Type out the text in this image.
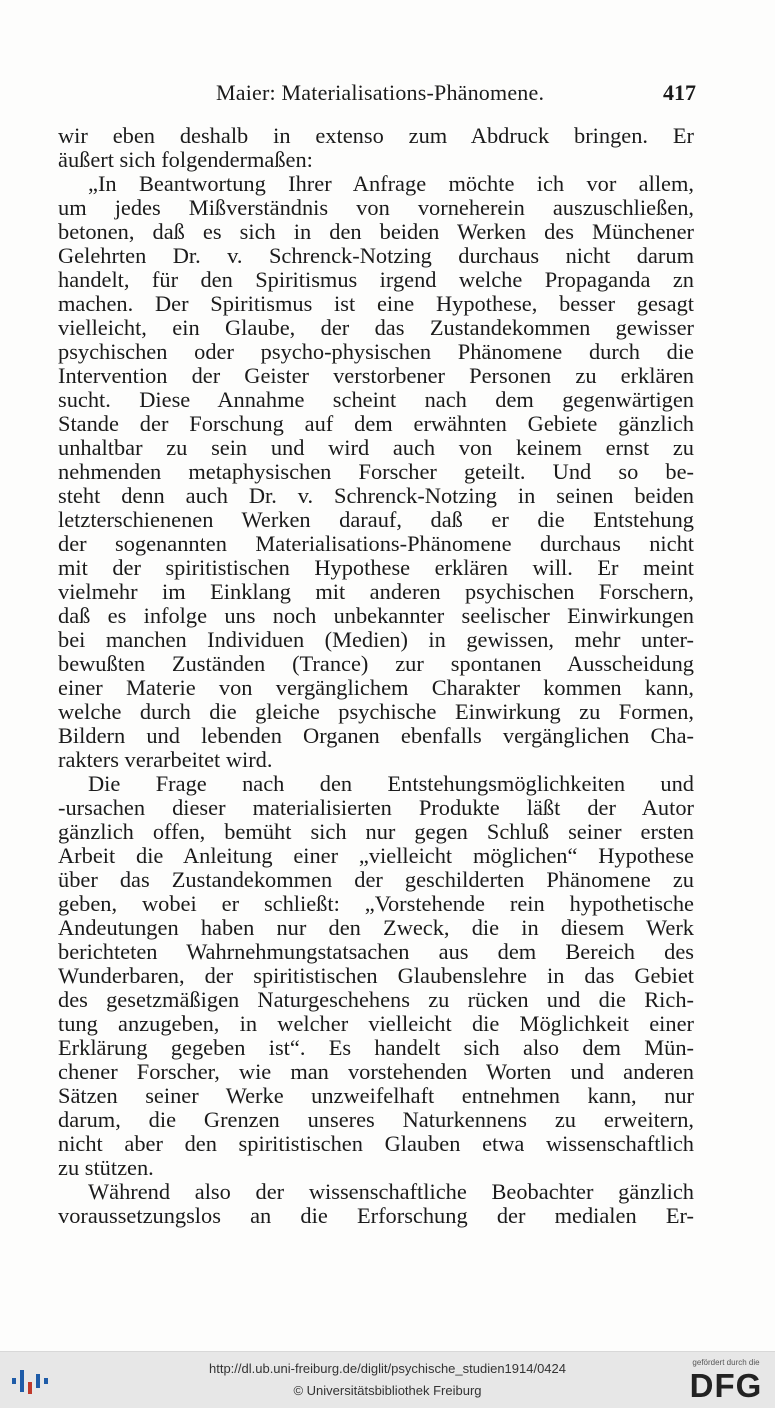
Maier: Materialisations-Phänomene.	417
wir eben deshalb in extenso zum Abdruck bringen. Er
äußert sich folgendermaßen:
„In Beantwortung Ihrer Anfrage möchte ich vor allem,
um jedes Mißverständnis von vorneherein auszuschließen,
betonen, daß es sich in den beiden Werken des Münchener
Gelehrten Dr. v. Schrenck-Notzing durchaus nicht darum
handelt, für den Spiritismus irgend welche Propaganda zn
machen. Der Spiritismus ist eine Hypothese, besser gesagt
vielleicht, ein Glaube, der das Zustandekommen gewisser
psychischen oder psycho-physischen Phänomene durch die
Intervention der Geister verstorbener Personen zu erklären
sucht. Diese Annahme scheint nach dem gegenwärtigen
Stande der Forschung auf dem erwähnten Gebiete gänzlich
unhaltbar zu sein und wird auch von keinem ernst zu
nehmenden metaphysischen Forscher geteilt. Und so be-
steht denn auch Dr. v. Schrenck-Notzing in seinen beiden
letzterschienenen Werken darauf, daß er die Entstehung
der sogenannten Materialisations-Phänomene durchaus nicht
mit der spiritistischen Hypothese erklären will. Er meint
vielmehr im Einklang mit anderen psychischen Forschern,
daß es infolge uns noch unbekannter seelischer Einwirkungen
bei manchen Individuen (Medien) in gewissen, mehr unter-
bewußten Zuständen (Trance) zur spontanen Ausscheidung
einer Materie von vergänglichem Charakter kommen kann,
welche durch die gleiche psychische Einwirkung zu Formen,
Bildern und lebenden Organen ebenfalls vergänglichen Cha-
rakters verarbeitet wird.
Die Frage nach den Entstehungsmöglichkeiten und
-ursachen dieser materialisierten Produkte läßt der Autor
gänzlich offen, bemüht sich nur gegen Schluß seiner ersten
Arbeit die Anleitung einer „vielleicht möglichen“ Hypothese
über das Zustandekommen der geschilderten Phänomene zu
geben, wobei er schließt: „Vorstehende rein hypothetische
Andeutungen haben nur den Zweck, die in diesem Werk
berichteten Wahrnehmungstatsachen aus dem Bereich des
Wunderbaren, der spiritistischen Glaubenslehre in das Gebiet
des gesetzmäßigen Naturgeschehens zu rücken und die Rich-
tung anzugeben, in welcher vielleicht die Möglichkeit einer
Erklärung gegeben ist“. Es handelt sich also dem Mün-
chener Forscher, wie man vorstehenden Worten und anderen
Sätzen seiner Werke unzweifelhaft entnehmen kann, nur
darum, die Grenzen unseres Naturkennens zu erweitern,
nicht aber den spiritistischen Glauben etwa wissenschaftlich
zu stützen.
Während also der wissenschaftliche Beobachter gänzlich
voraussetzungslos an die Erforschung der medialen Er-
http://dl.ub.uni-freiburg.de/diglit/psychische_studien1914/0424
© Universitätsbibliothek Freiburg
gefördert durch die
DFG
